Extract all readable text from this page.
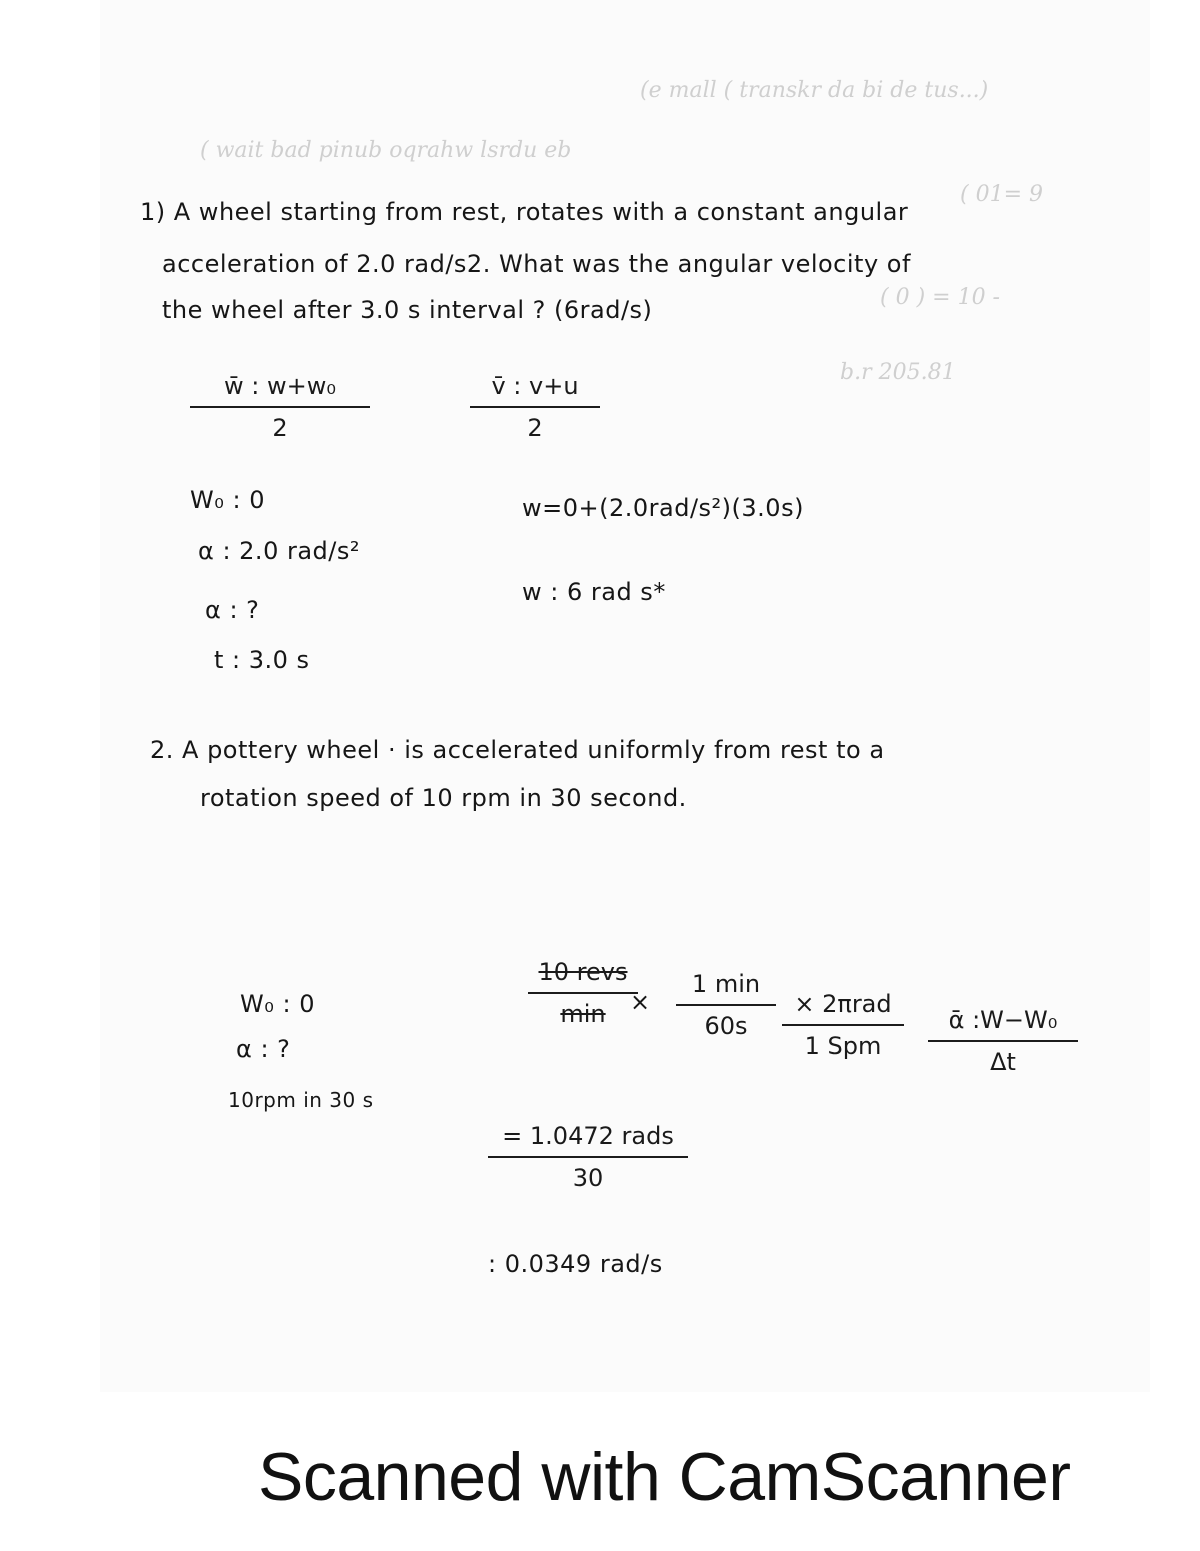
(e mall ( transkr da bi de tus...)
( wait bad pinub oqrahw lsrdu eb
( 01= 9
( 0 ) = 10 -
b.r 205.81
1) A wheel starting from rest, rotates with a constant angular
acceleration of 2.0 rad/s2. What was the angular velocity of
the wheel after 3.0 s interval ? (6rad/s)
w̄ : w+w₀
2
v̄ : v+u
2
W₀ : 0
α : 2.0 rad/s²
α : ?
t : 3.0 s
w=0+(2.0rad/s²)(3.0s)
w : 6 rad s*
2. A pottery wheel · is accelerated uniformly from rest to a
rotation speed of 10 rpm in 30 second.
W₀ : 0
α : ?
10rpm in 30 s
10 revs
min	×
1 min
60s
× 2πrad
1 Spm
ᾱ :W−W₀
Δt
= 1.0472 rads
30
: 0.0349 rad/s
Scanned with CamScanner
